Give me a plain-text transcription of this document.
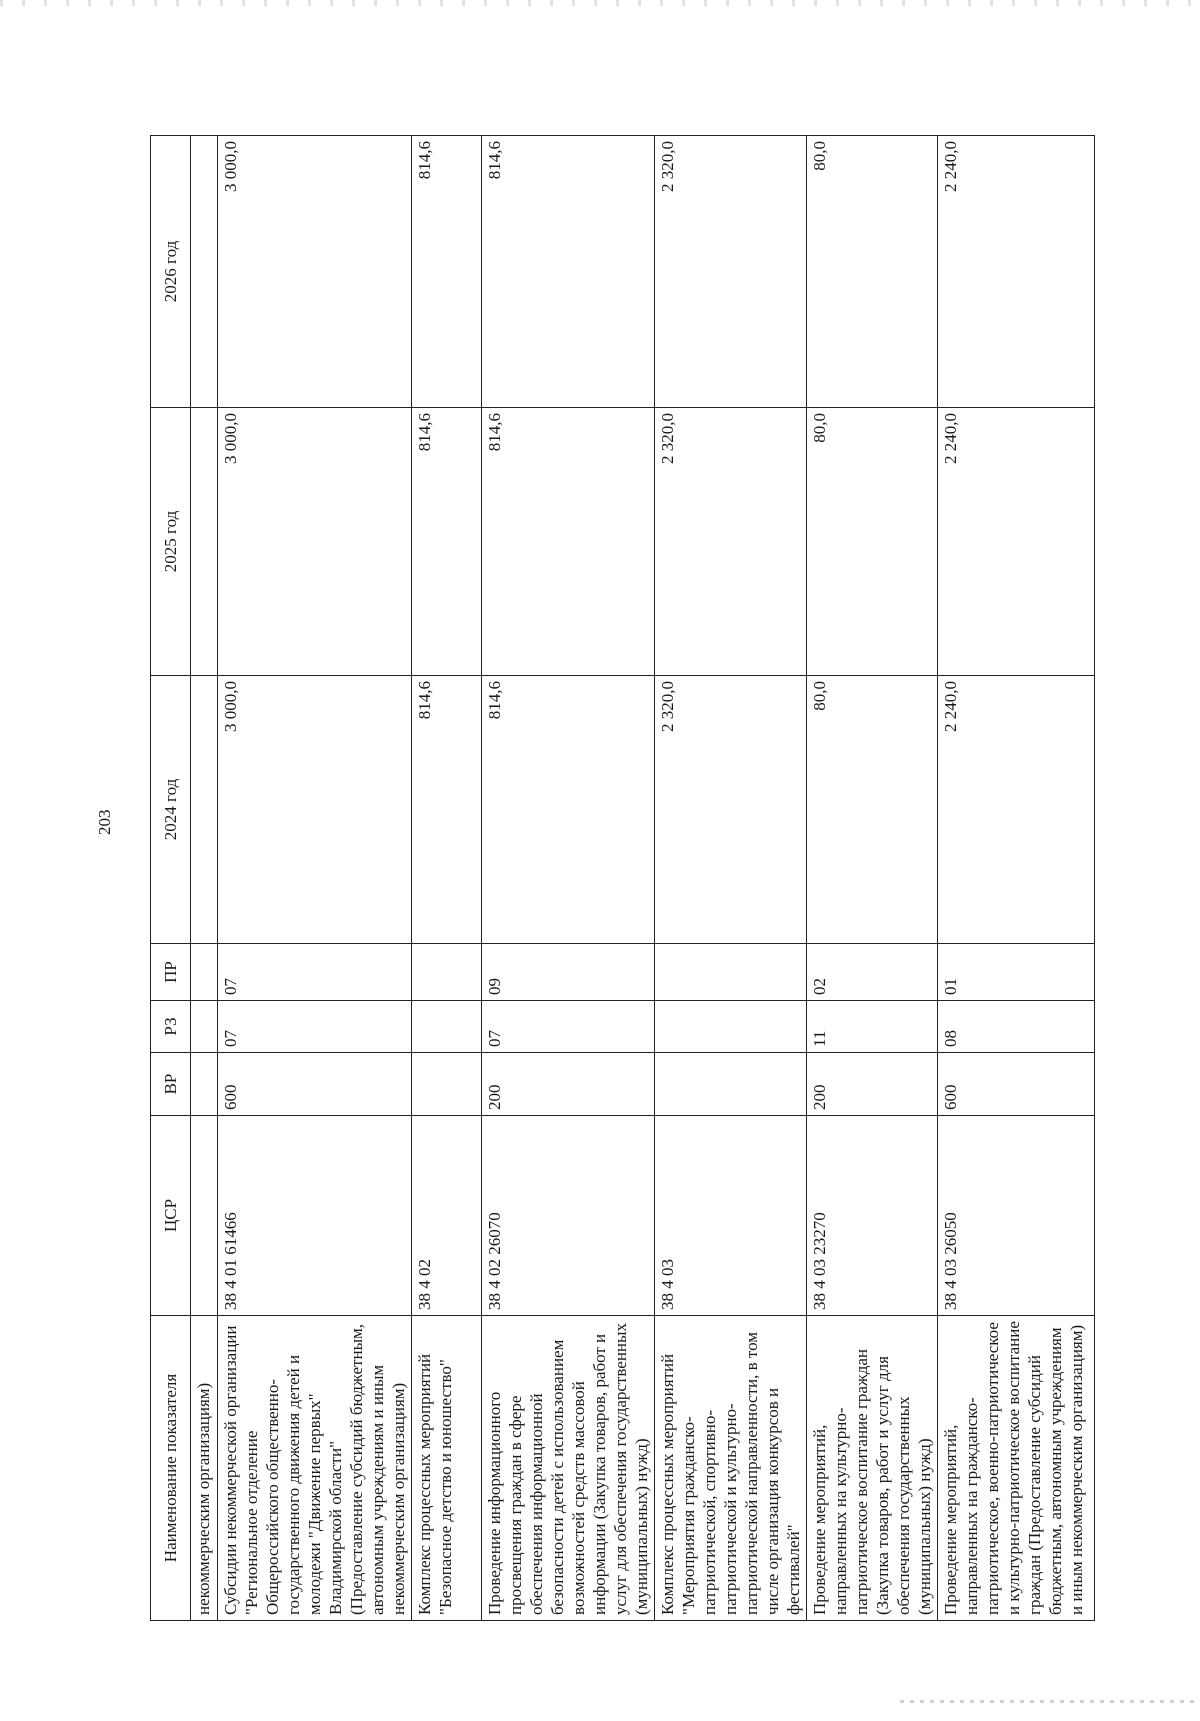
203
Наименование показателя	ЦСР	ВР	РЗ	ПР	2024 год	2025 год	2026 год
некоммерческим организациям)							
Субсидии некоммерческой организации "Региональное отделение Общероссийского общественно-государственного движения детей и молодежи "Движение первых" Владимирской области" (Предоставление субсидий бюджетным, автономным учреждениям и иным некоммерческим организациям)	38 4 01 61466	600	07	07	3 000,0	3 000,0	3 000,0
Комплекс процессных мероприятий "Безопасное детство и юношество"	38 4 02				814,6	814,6	814,6
Проведение информационного просвещения граждан в сфере обеспечения информационной безопасности детей с использованием возможностей средств массовой информации (Закупка товаров, работ и услуг для обеспечения государственных (муниципальных) нужд)	38 4 02 26070	200	07	09	814,6	814,6	814,6
Комплекс процессных мероприятий "Мероприятия гражданско-патриотической, спортивно-патриотической и культурно-патриотической направленности, в том числе организация конкурсов и фестивалей"	38 4 03				2 320,0	2 320,0	2 320,0
Проведение мероприятий, направленных на культурно-патриотическое воспитание граждан (Закупка товаров, работ и услуг для обеспечения государственных (муниципальных) нужд)	38 4 03 23270	200	11	02	80,0	80,0	80,0
Проведение мероприятий, направленных на гражданско-патриотическое, военно-патриотическое и культурно-патриотическое воспитание граждан (Предоставление субсидий бюджетным, автономным учреждениям и иным некоммерческим организациям)	38 4 03 26050	600	08	01	2 240,0	2 240,0	2 240,0
